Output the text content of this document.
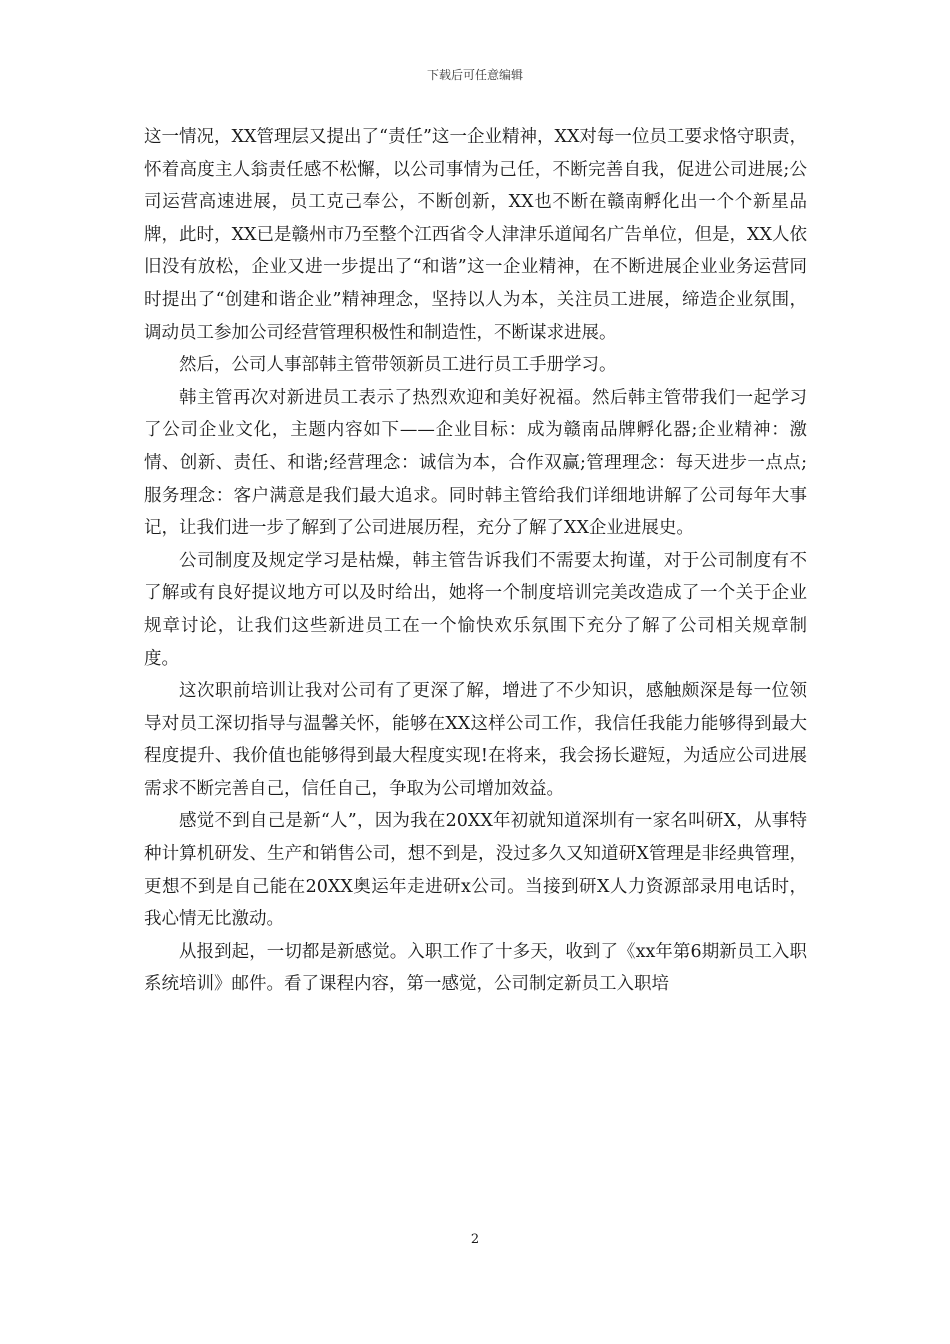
下载后可任意编辑

这一情况，XX管理层又提出了“责任”这一企业精神，XX对每一位员工要求恪守职责，怀着高度主人翁责任感不松懈，以公司事情为己任，不断完善自我，促进公司进展;公司运营高速进展，员工克己奉公，不断创新，XX也不断在赣南孵化出一个个新星品牌，此时，XX已是赣州市乃至整个江西省令人津津乐道闻名广告单位，但是，XX人依旧没有放松，企业又进一步提出了“和谐”这一企业精神，在不断进展企业业务运营同时提出了“创建和谐企业”精神理念，坚持以人为本，关注员工进展，缔造企业氛围，调动员工参加公司经营管理积极性和制造性，不断谋求进展。

然后，公司人事部韩主管带领新员工进行员工手册学习。

韩主管再次对新进员工表示了热烈欢迎和美好祝福。然后韩主管带我们一起学习了公司企业文化，主题内容如下——企业目标：成为赣南品牌孵化器;企业精神：激情、创新、责任、和谐;经营理念：诚信为本，合作双赢;管理理念：每天进步一点点;服务理念：客户满意是我们最大追求。同时韩主管给我们详细地讲解了公司每年大事记，让我们进一步了解到了公司进展历程，充分了解了XX企业进展史。

公司制度及规定学习是枯燥，韩主管告诉我们不需要太拘谨，对于公司制度有不了解或有良好提议地方可以及时给出，她将一个制度培训完美改造成了一个关于企业规章讨论，让我们这些新进员工在一个愉快欢乐氛围下充分了解了公司相关规章制度。

这次职前培训让我对公司有了更深了解，增进了不少知识，感触颇深是每一位领导对员工深切指导与温馨关怀，能够在XX这样公司工作，我信任我能力能够得到最大程度提升、我价值也能够得到最大程度实现!在将来，我会扬长避短，为适应公司进展需求不断完善自己，信任自己，争取为公司增加效益。

感觉不到自己是新“人”，因为我在20XX年初就知道深圳有一家名叫研X，从事特种计算机研发、生产和销售公司，想不到是，没过多久又知道研X管理是非经典管理，更想不到是自己能在20XX奥运年走进研x公司。当接到研X人力资源部录用电话时，我心情无比激动。

从报到起，一切都是新感觉。入职工作了十多天，收到了《xx年第6期新员工入职系统培训》邮件。看了课程内容，第一感觉，公司制定新员工入职培

2
